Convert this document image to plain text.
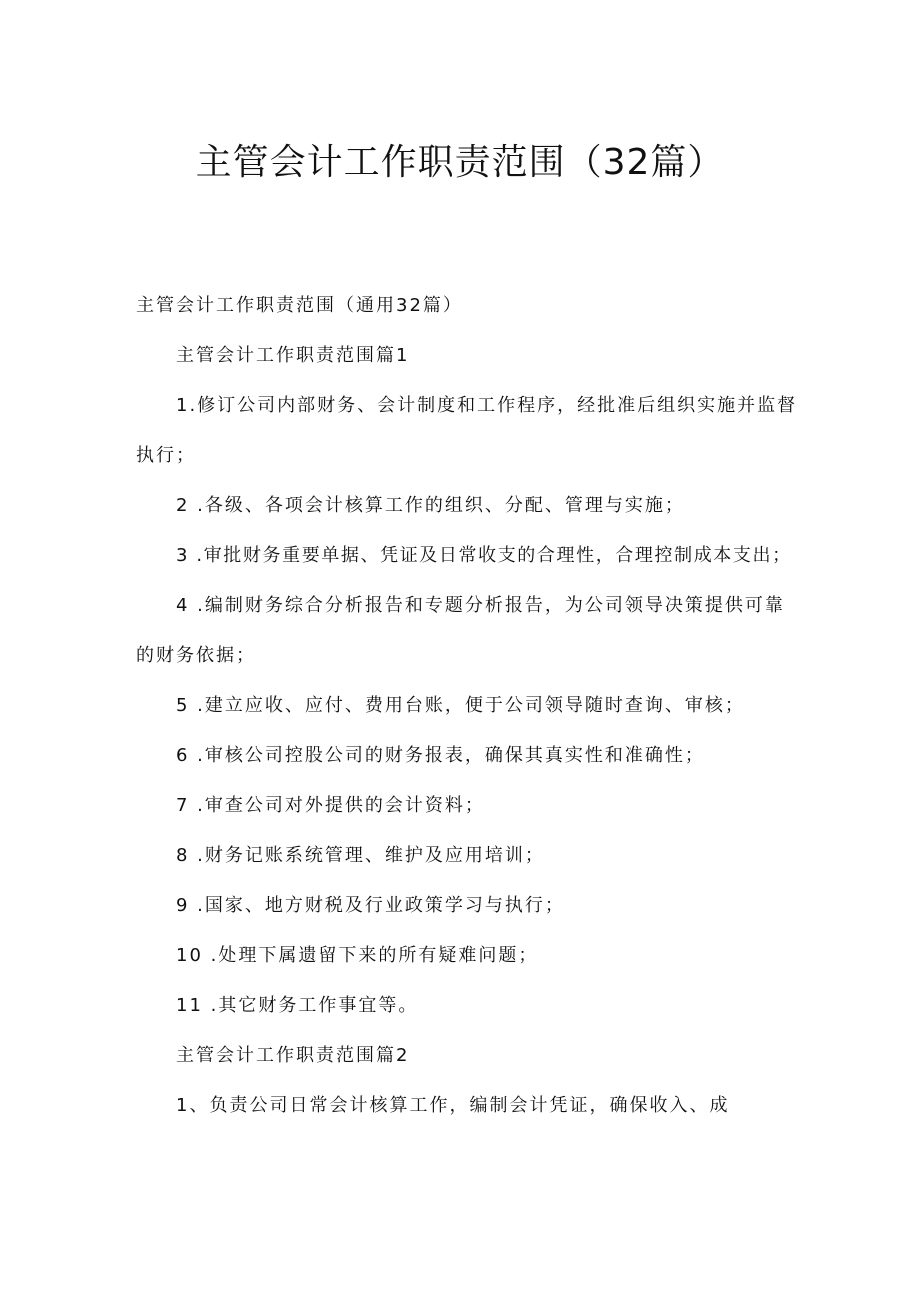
主管会计工作职责范围（32篇）

主管会计工作职责范围（通用32篇）

主管会计工作职责范围篇1

1.修订公司内部财务、会计制度和工作程序，经批准后组织实施并监督

执行；

2 .各级、各项会计核算工作的组织、分配、管理与实施；

3 .审批财务重要单据、凭证及日常收支的合理性，合理控制成本支出；

4 .编制财务综合分析报告和专题分析报告，为公司领导决策提供可靠

的财务依据；

5 .建立应收、应付、费用台账，便于公司领导随时查询、审核；

6 .审核公司控股公司的财务报表，确保其真实性和准确性；

7 .审查公司对外提供的会计资料；

8 .财务记账系统管理、维护及应用培训；

9 .国家、地方财税及行业政策学习与执行；

10 .处理下属遗留下来的所有疑难问题；

11 .其它财务工作事宜等。

主管会计工作职责范围篇2

1、负责公司日常会计核算工作，编制会计凭证，确保收入、成
